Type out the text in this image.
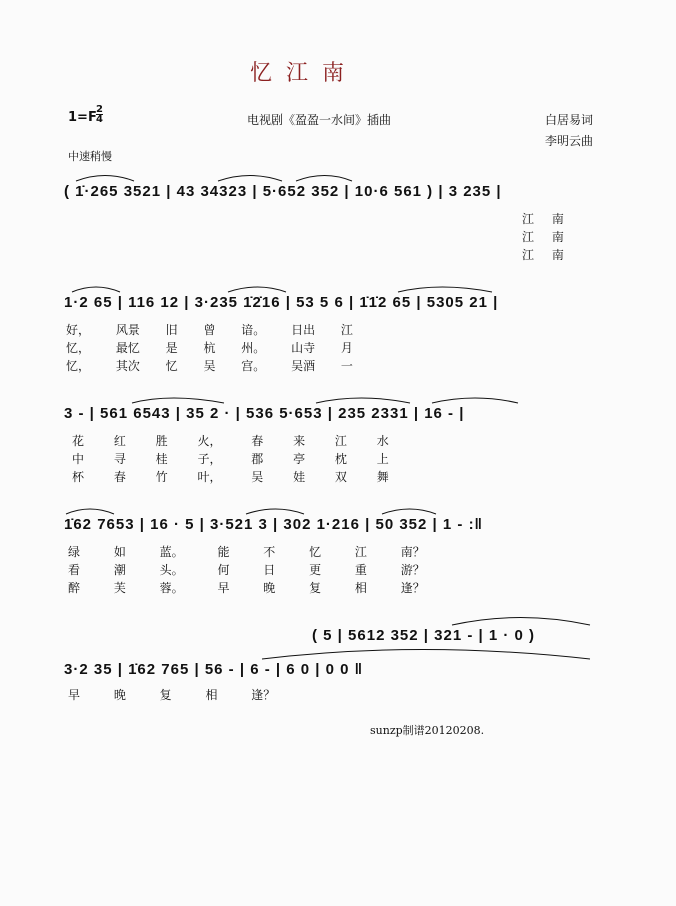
忆江南
1=F
2
4	电视剧《盈盈一水间》插曲	白居易词
李明云曲
中速稍慢
( 1̇·265 3521 | 43 34323 | 5·652 352 | 10·6 561 ) | 3 235 |
江 南
江 南
江 南
1·2 65 | 116 12 | 3·235 1̇2̇16 | 53 5 6 | 1̇1̇2 65 | 5305 21 |
好， 风景 旧 曾 谙。 日出 江
忆， 最忆 是 杭 州。 山寺 月
忆， 其次 忆 吴 宫。 吴酒 一
3 - | 561 6543 | 35 2 · | 536 5·653 | 235 2331 | 16 - |
花 红 胜 火， 春 来 江 水
中 寻 桂 子， 郡 亭 枕 上
杯 春 竹 叶， 吴 娃 双 舞
1̇62 7653 | 16 · 5 | 3·521 3 | 302 1·216 | 50 352 | 1 - :‖
绿 如 蓝。 能 不 忆 江 南？
看 潮 头。 何 日 更 重 游？
醉 芙 蓉。 早 晚 复 相 逢？
( 5 | 5612 352 | 321 - | 1 · 0 )
3·2 35 | 1̇62 765 | 56 - | 6 - | 6 0 | 0 0 ‖
早 晚 复 相 逢？
sunzp制谱20120208.
